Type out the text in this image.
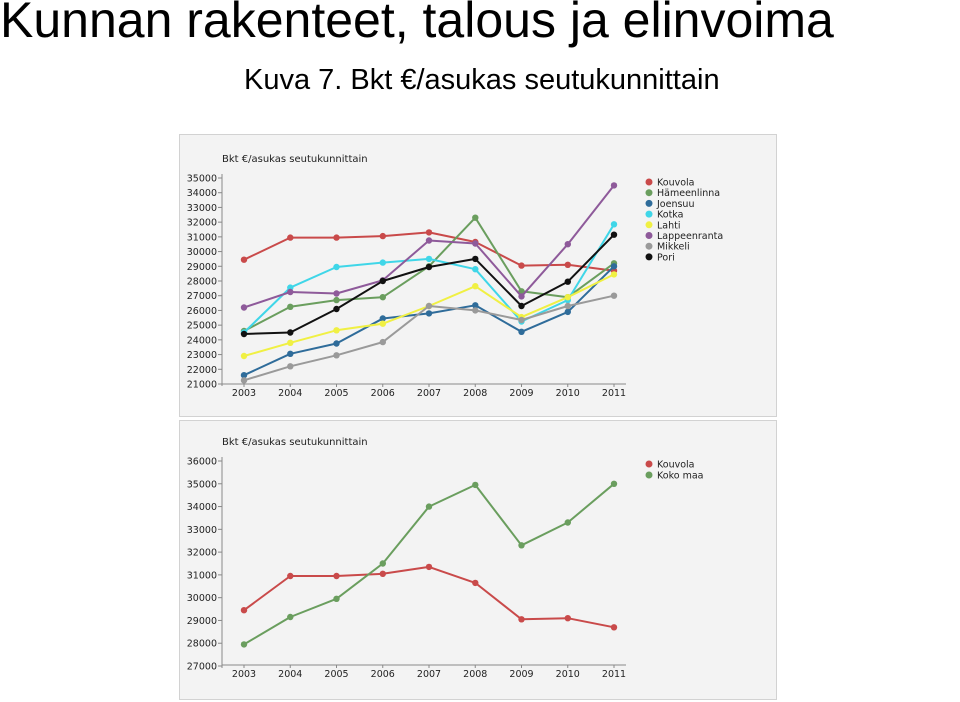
Kunnan rakenteet, talous ja elinvoima
Kuva 7. Bkt €/asukas seutukunnittain
Bkt €/asukas seutukunnittain
21000
22000
23000
24000
25000
26000
27000
28000
29000
30000
31000
32000
33000
34000
35000
2003 2004 2005 2006 2007 2008 2009 2010 2011
Kouvola
Hämeenlinna
Joensuu
Kotka
Lahti
Lappeenranta
Mikkeli
Pori
Bkt €/asukas seutukunnittain
27000
28000
29000
30000
31000
32000
33000
34000
35000
36000
2003 2004 2005 2006 2007 2008 2009 2010 2011
Kouvola
Koko maa
